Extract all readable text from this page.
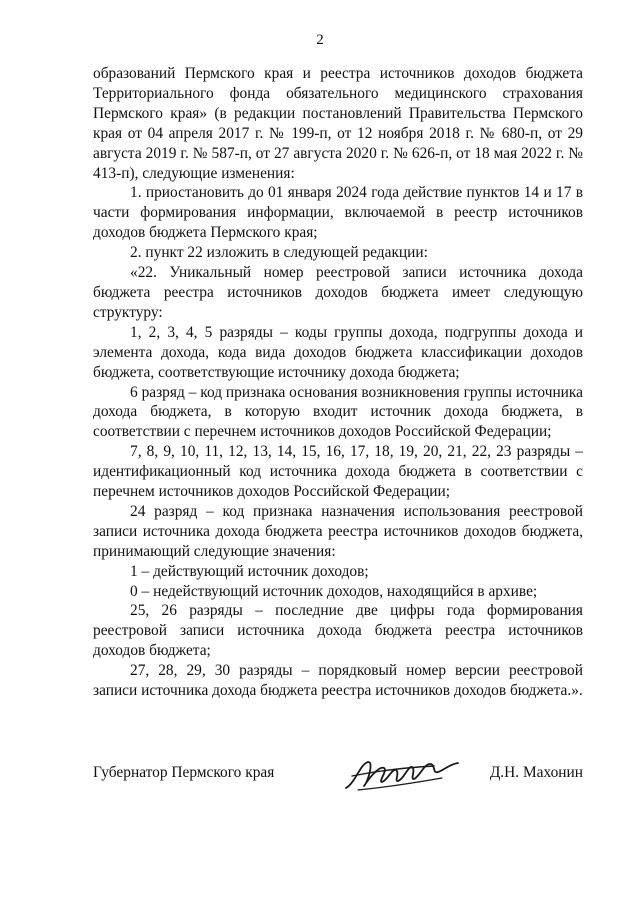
2

образований Пермского края и реестра источников доходов бюджета Территориального фонда обязательного медицинского страхования Пермского края» (в редакции постановлений Правительства Пермского края от 04 апреля 2017 г. № 199-п, от 12 ноября 2018 г. № 680-п, от 29 августа 2019 г. № 587-п, от 27 августа 2020 г. № 626-п, от 18 мая 2022 г. № 413-п), следующие изменения:

1. приостановить до 01 января 2024 года действие пунктов 14 и 17 в части формирования информации, включаемой в реестр источников доходов бюджета Пермского края;

2. пункт 22 изложить в следующей редакции:

«22. Уникальный номер реестровой записи источника дохода бюджета реестра источников доходов бюджета имеет следующую структуру:

1, 2, 3, 4, 5 разряды – коды группы дохода, подгруппы дохода и элемента дохода, кода вида доходов бюджета классификации доходов бюджета, соответствующие источнику дохода бюджета;

6 разряд – код признака основания возникновения группы источника дохода бюджета, в которую входит источник дохода бюджета, в соответствии с перечнем источников доходов Российской Федерации;

7, 8, 9, 10, 11, 12, 13, 14, 15, 16, 17, 18, 19, 20, 21, 22, 23 разряды – идентификационный код источника дохода бюджета в соответствии с перечнем источников доходов Российской Федерации;

24 разряд – код признака назначения использования реестровой записи источника дохода бюджета реестра источников доходов бюджета, принимающий следующие значения:

1 – действующий источник доходов;

0 – недействующий источник доходов, находящийся в архиве;

25, 26 разряды – последние две цифры года формирования реестровой записи источника дохода бюджета реестра источников доходов бюджета;

27, 28, 29, 30 разряды – порядковый номер версии реестровой записи источника дохода бюджета реестра источников доходов бюджета.».

Губернатор Пермского края	Д.Н. Махонин
